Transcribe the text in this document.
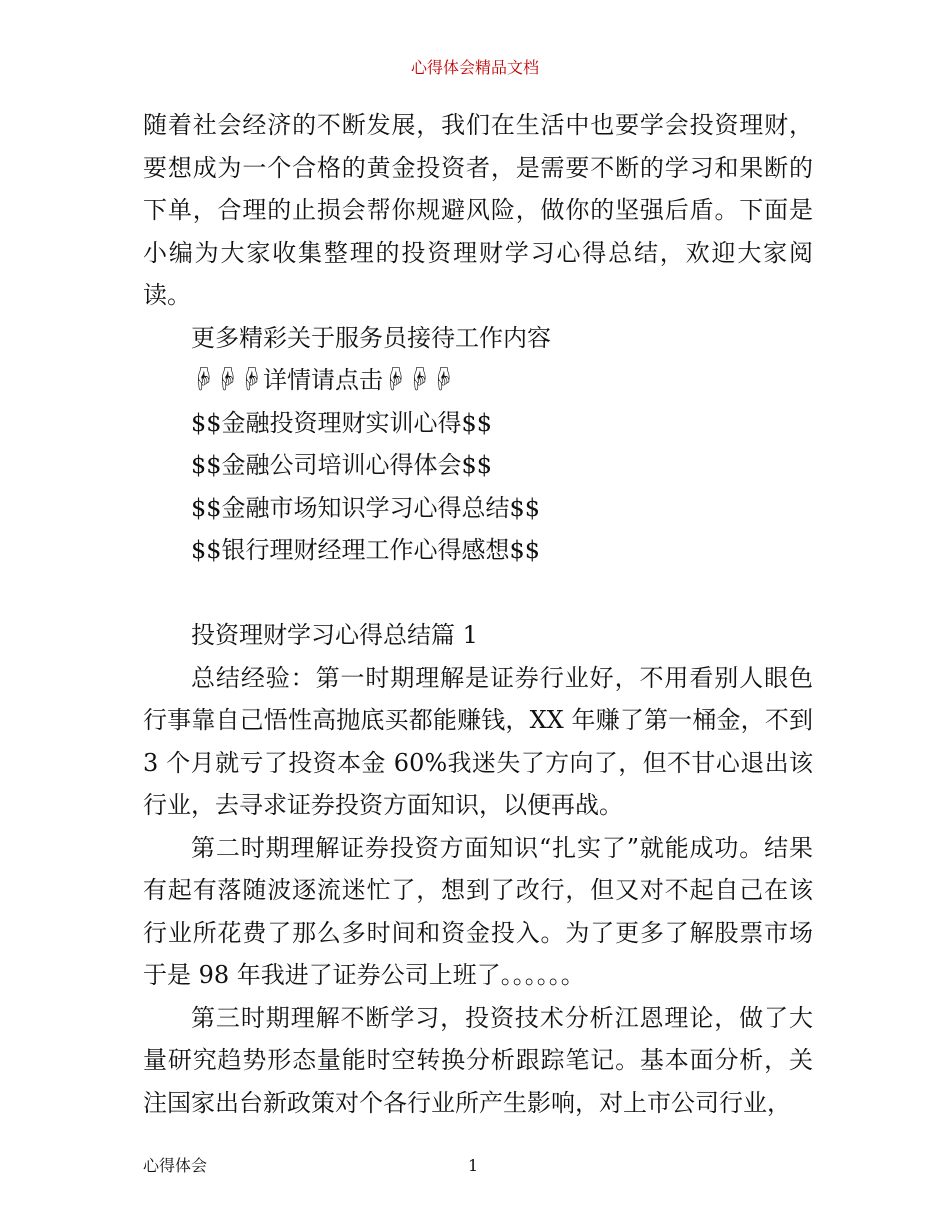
心得体会精品文档

随着社会经济的不断发展，我们在生活中也要学会投资理财，要想成为一个合格的黄金投资者，是需要不断的学习和果断的下单，合理的止损会帮你规避风险，做你的坚强后盾。下面是小编为大家收集整理的投资理财学习心得总结，欢迎大家阅读。

更多精彩关于服务员接待工作内容

☟☟☟详情请点击☟☟☟

$$金融投资理财实训心得$$

$$金融公司培训心得体会$$

$$金融市场知识学习心得总结$$

$$银行理财经理工作心得感想$$

投资理财学习心得总结篇 1

总结经验：第一时期理解是证券行业好，不用看别人眼色行事靠自己悟性高抛底买都能赚钱，XX 年赚了第一桶金，不到 3 个月就亏了投资本金 60%我迷失了方向了，但不甘心退出该行业，去寻求证券投资方面知识，以便再战。

第二时期理解证券投资方面知识“扎实了”就能成功。结果有起有落随波逐流迷忙了，想到了改行，但又对不起自己在该行业所花费了那么多时间和资金投入。为了更多了解股票市场于是 98 年我进了证券公司上班了。。。。。。

第三时期理解不断学习，投资技术分析江恩理论，做了大量研究趋势形态量能时空转换分析跟踪笔记。基本面分析，关注国家出台新政策对个各行业所产生影响，对上市公司行业，

心得体会	1
